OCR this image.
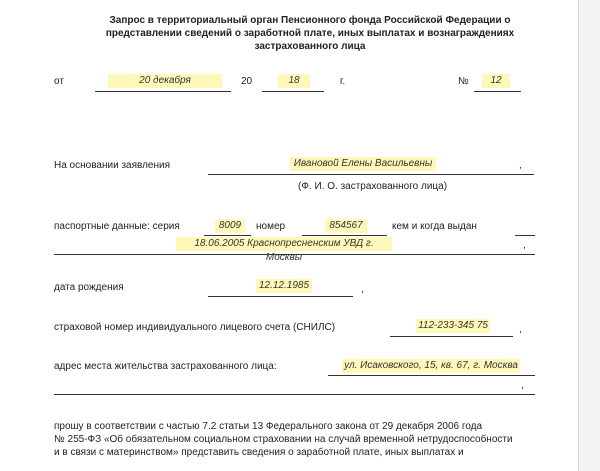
Запрос в территориальный орган Пенсионного фонда Российской Федерации о
представлении сведений о заработной плате, иных выплатах и вознаграждениях
застрахованного лица
от	20 декабря	20	18	г.	№	12
На основании заявления	Ивановой Елены Васильевны	,
(Ф. И. О. застрахованного лица)
паспортные данные: серия	8009	номер	854567	кем и когда выдан
18.06.2005 Краснопресненским УВД г. Москвы
,
дата рождения	12.12.1985	,
страховой номер индивидуального лицевого счета (СНИЛС)	112-233-345 75	,
адрес места жительства застрахованного лица:	ул. Исаковского, 15, кв. 67, г. Москва
,
прошу в соответствии с частью 7.2 статьи 13 Федерального закона от 29 декабря 2006 года
№ 255-ФЗ «Об обязательном социальном страховании на случай временной нетрудоспособности
и в связи с материнством» представить сведения о заработной плате, иных выплатах и
